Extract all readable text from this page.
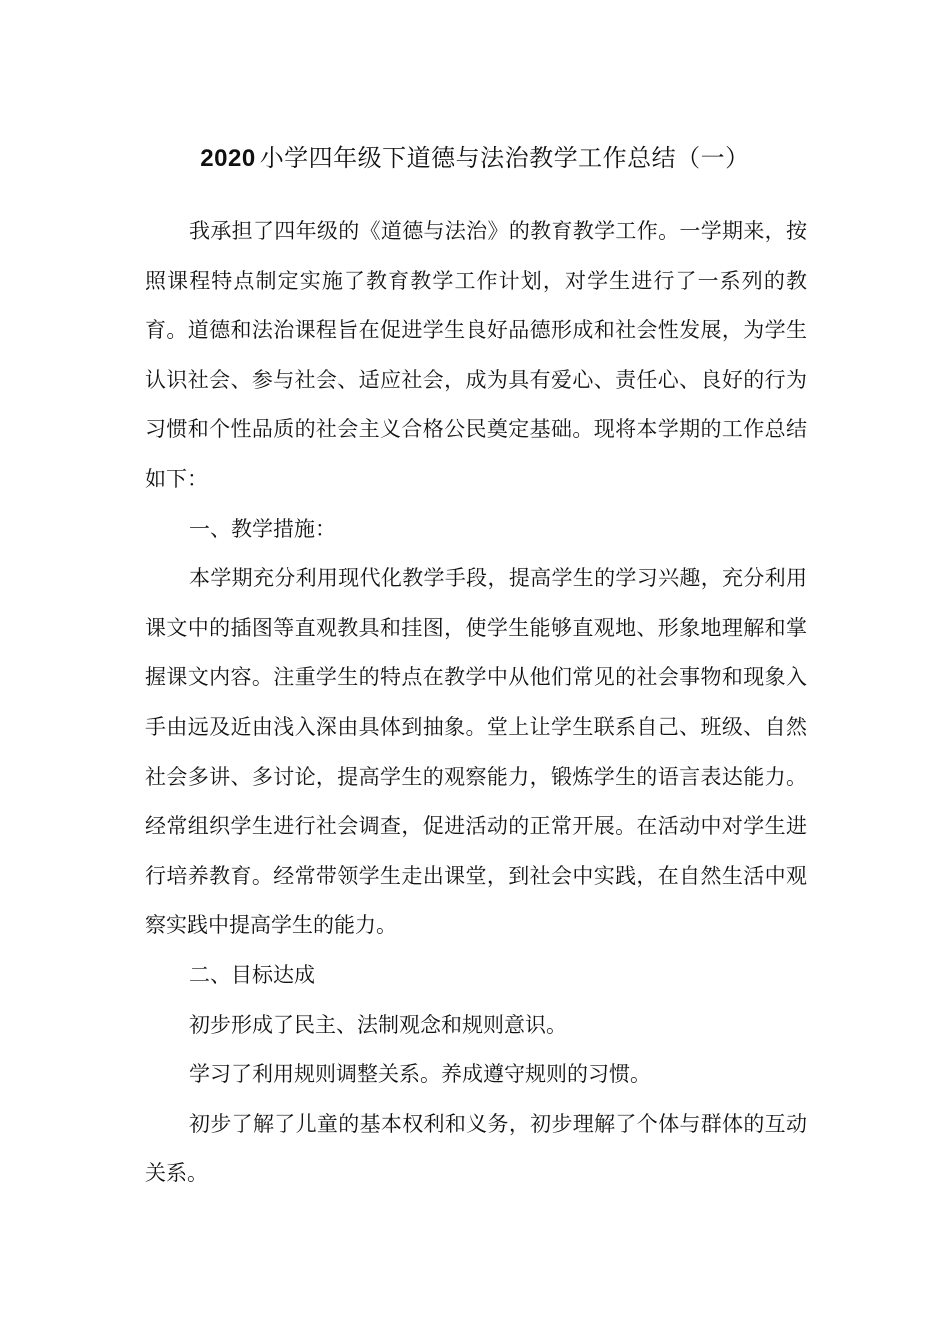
2020 小学四年级下道德与法治教学工作总结（一）

我承担了四年级的《道德与法治》的教育教学工作。一学期来，按照课程特点制定实施了教育教学工作计划，对学生进行了一系列的教育。道德和法治课程旨在促进学生良好品德形成和社会性发展，为学生认识社会、参与社会、适应社会，成为具有爱心、责任心、良好的行为习惯和个性品质的社会主义合格公民奠定基础。现将本学期的工作总结如下：

一、教学措施：

本学期充分利用现代化教学手段，提高学生的学习兴趣，充分利用课文中的插图等直观教具和挂图，使学生能够直观地、形象地理解和掌握课文内容。注重学生的特点在教学中从他们常见的社会事物和现象入手由远及近由浅入深由具体到抽象。堂上让学生联系自己、班级、自然社会多讲、多讨论，提高学生的观察能力，锻炼学生的语言表达能力。经常组织学生进行社会调查，促进活动的正常开展。在活动中对学生进行培养教育。经常带领学生走出课堂，到社会中实践，在自然生活中观察实践中提高学生的能力。

二、目标达成

初步形成了民主、法制观念和规则意识。

学习了利用规则调整关系。养成遵守规则的习惯。

初步了解了儿童的基本权利和义务，初步理解了个体与群体的互动关系。
